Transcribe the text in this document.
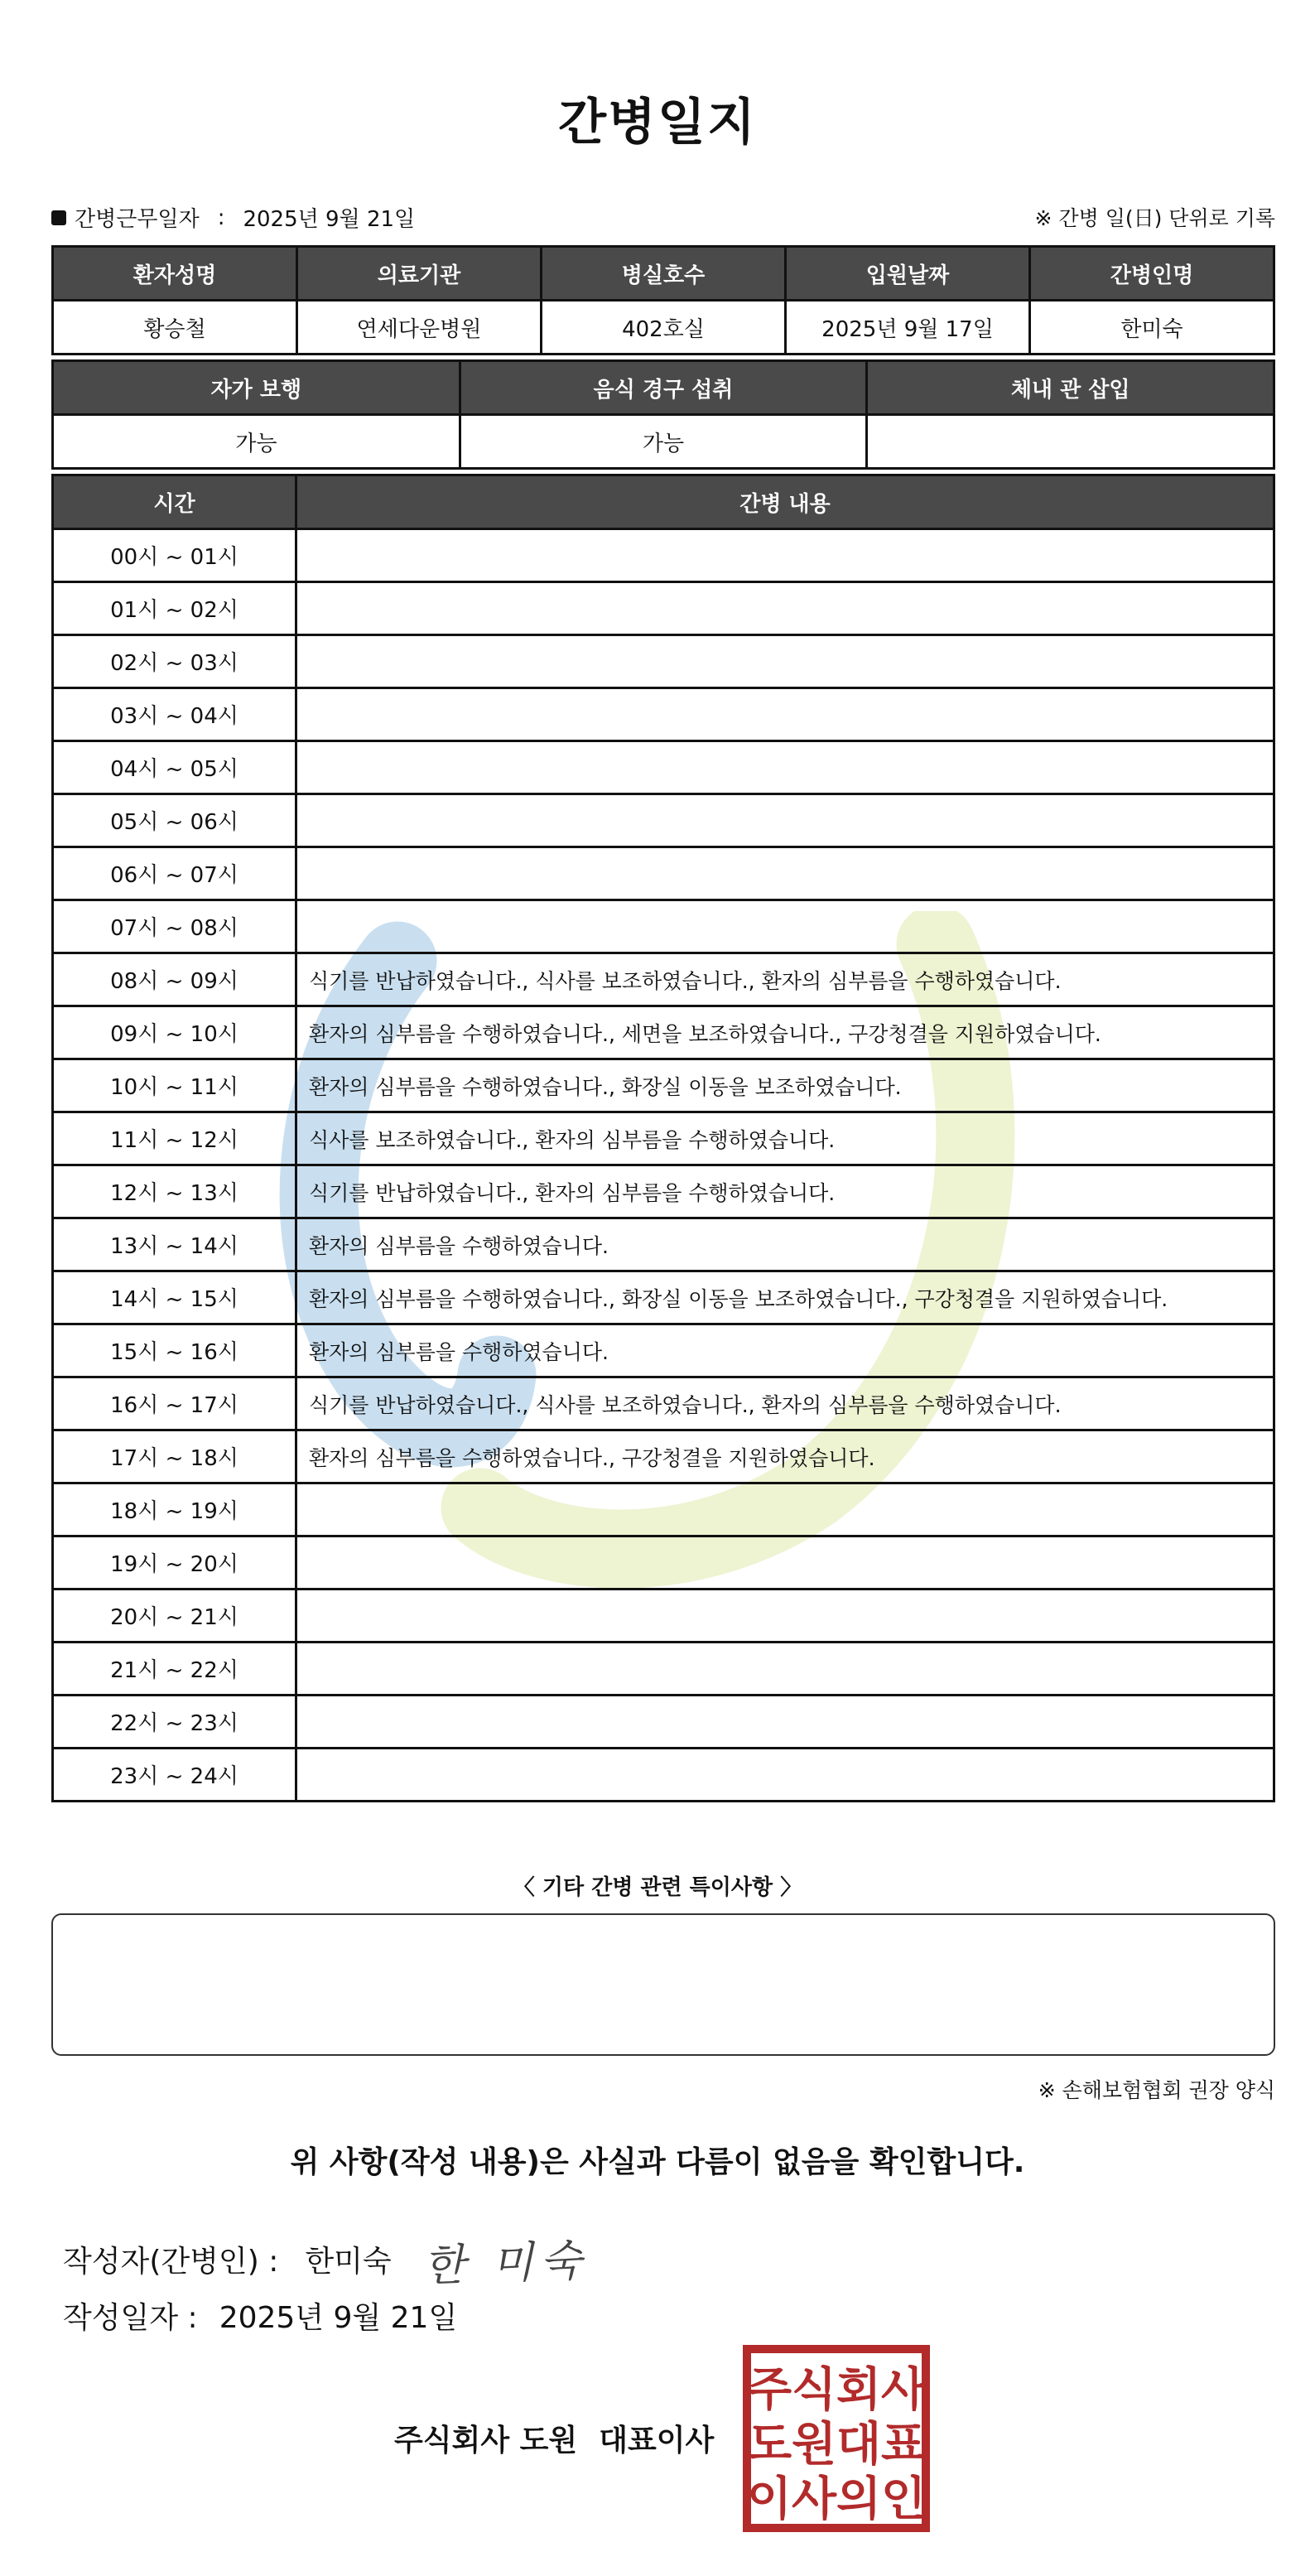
간병일지
간병근무일자 : 2025년 9월 21일	※ 간병 일(日) 단위로 기록
환자성명	의료기관	병실호수	입원날짜	간병인명
황승철	연세다운병원	402호실	2025년 9월 17일	한미숙
자가 보행	음식 경구 섭취	체내 관 삽입
가능	가능	
시간	간병 내용
00시 ~ 01시	
01시 ~ 02시	
02시 ~ 03시	
03시 ~ 04시	
04시 ~ 05시	
05시 ~ 06시	
06시 ~ 07시	
07시 ~ 08시	
08시 ~ 09시	식기를 반납하였습니다., 식사를 보조하였습니다., 환자의 심부름을 수행하였습니다.
09시 ~ 10시	환자의 심부름을 수행하였습니다., 세면을 보조하였습니다., 구강청결을 지원하였습니다.
10시 ~ 11시	환자의 심부름을 수행하였습니다., 화장실 이동을 보조하였습니다.
11시 ~ 12시	식사를 보조하였습니다., 환자의 심부름을 수행하였습니다.
12시 ~ 13시	식기를 반납하였습니다., 환자의 심부름을 수행하였습니다.
13시 ~ 14시	환자의 심부름을 수행하였습니다.
14시 ~ 15시	환자의 심부름을 수행하였습니다., 화장실 이동을 보조하였습니다., 구강청결을 지원하였습니다.
15시 ~ 16시	환자의 심부름을 수행하였습니다.
16시 ~ 17시	식기를 반납하였습니다., 식사를 보조하였습니다., 환자의 심부름을 수행하였습니다.
17시 ~ 18시	환자의 심부름을 수행하였습니다., 구강청결을 지원하였습니다.
18시 ~ 19시	
19시 ~ 20시	
20시 ~ 21시	
21시 ~ 22시	
22시 ~ 23시	
23시 ~ 24시	
〈 기타 간병 관련 특이사항 〉
※ 손해보험협회 권장 양식
위 사항(작성 내용)은 사실과 다름이 없음을 확인합니다.
작성자(간병인) : 한미숙 한 미숙
작성일자 : 2025년 9월 21일
주식회사 도원 대표이사
주 식 회 사
도 원 대 표
이 사 의 인
